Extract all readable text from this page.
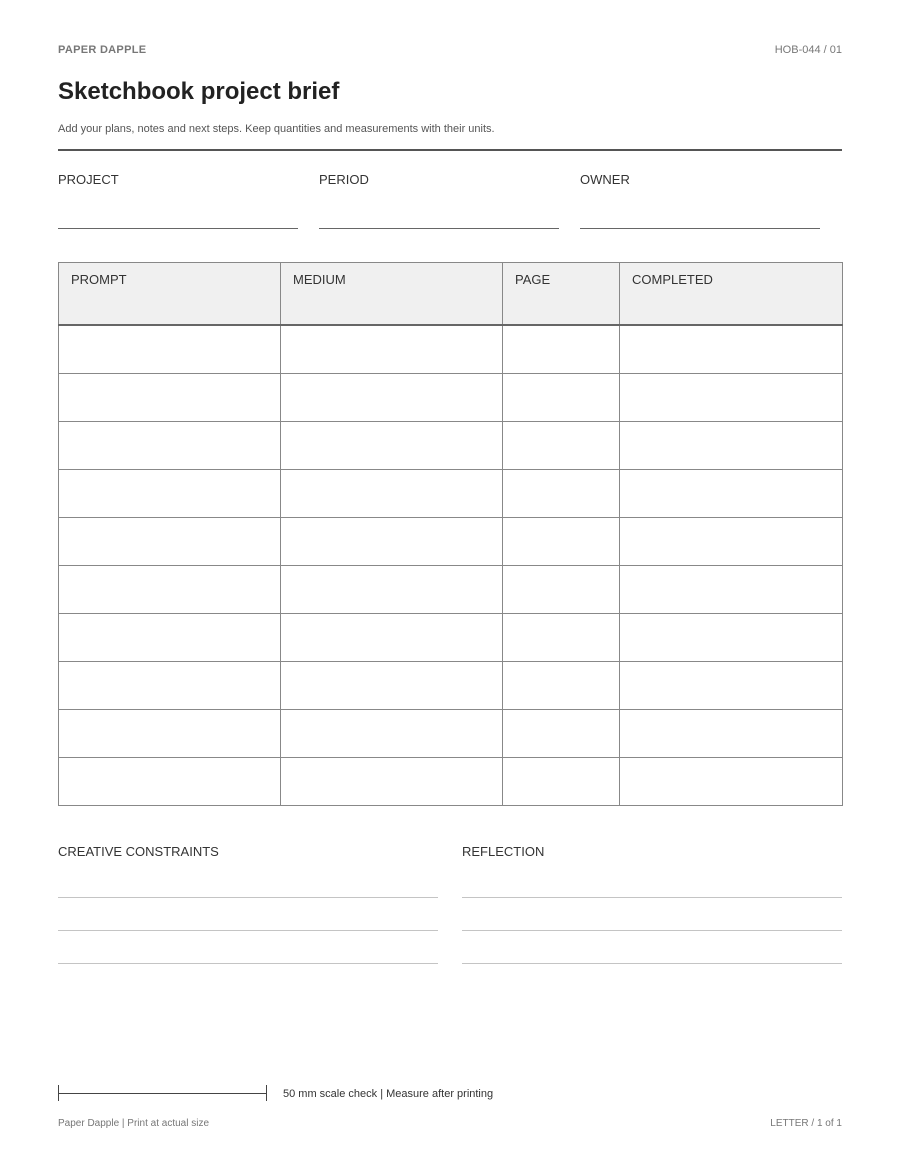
PAPER DAPPLE	HOB-044 / 01
Sketchbook project brief
Add your plans, notes and next steps. Keep quantities and measurements with their units.
PROJECT	PERIOD	OWNER
PROMPT	MEDIUM	PAGE	COMPLETED

CREATIVE CONSTRAINTS	REFLECTION
50 mm scale check | Measure after printing
Paper Dapple | Print at actual size	LETTER / 1 of 1
